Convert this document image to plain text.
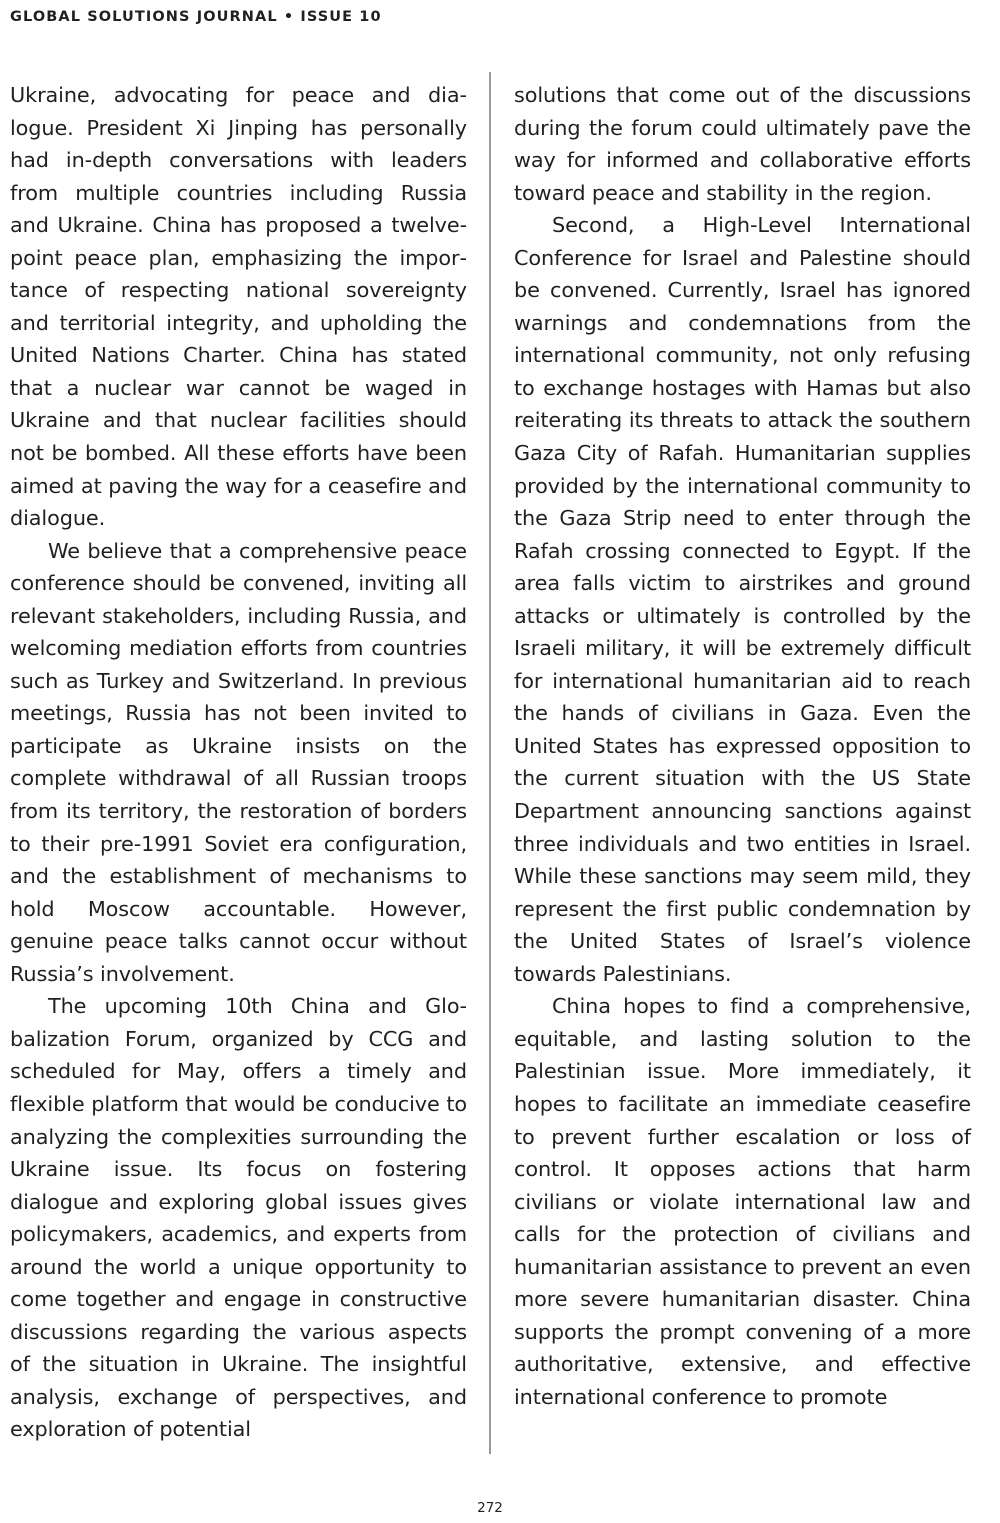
GLOBAL SOLUTIONS JOURNAL • ISSUE 10

Ukraine, advocating for peace and dialogue. President Xi Jinping has personally had in-depth conversations with leaders from multiple countries including Russia and Ukraine. China has proposed a twelve-point peace plan, emphasizing the importance of respecting national sovereignty and territorial integrity, and upholding the United Nations Charter. China has stated that a nuclear war cannot be waged in Ukraine and that nuclear facilities should not be bombed. All these efforts have been aimed at paving the way for a ceasefire and dialogue.

We believe that a comprehensive peace conference should be convened, inviting all relevant stakeholders, including Russia, and welcoming mediation efforts from countries such as Turkey and Switzerland. In previous meetings, Russia has not been invited to participate as Ukraine insists on the complete withdrawal of all Russian troops from its territory, the restoration of borders to their pre-1991 Soviet era configuration, and the establishment of mechanisms to hold Moscow accountable. However, genuine peace talks cannot occur without Russia’s involvement.

The upcoming 10th China and Globalization Forum, organized by CCG and scheduled for May, offers a timely and flexible platform that would be conducive to analyzing the complexities surrounding the Ukraine issue. Its focus on fostering dialogue and exploring global issues gives policymakers, academics, and experts from around the world a unique opportunity to come together and engage in constructive discussions regarding the various aspects of the situation in Ukraine. The insightful analysis, exchange of perspectives, and exploration of potential

solutions that come out of the discussions during the forum could ultimately pave the way for informed and collaborative efforts toward peace and stability in the region.

Second, a High-Level International Conference for Israel and Palestine should be convened. Currently, Israel has ignored warnings and condemnations from the international community, not only refusing to exchange hostages with Hamas but also reiterating its threats to attack the southern Gaza City of Rafah. Humanitarian supplies provided by the international community to the Gaza Strip need to enter through the Rafah crossing connected to Egypt. If the area falls victim to airstrikes and ground attacks or ultimately is controlled by the Israeli military, it will be extremely difficult for international humanitarian aid to reach the hands of civilians in Gaza. Even the United States has expressed opposition to the current situation with the US State Department announcing sanctions against three individuals and two entities in Israel. While these sanctions may seem mild, they represent the first public condemnation by the United States of Israel’s violence towards Palestinians.

China hopes to find a comprehensive, equitable, and lasting solution to the Palestinian issue. More immediately, it hopes to facilitate an immediate ceasefire to prevent further escalation or loss of control. It opposes actions that harm civilians or violate international law and calls for the protection of civilians and humanitarian assistance to prevent an even more severe humanitarian disaster. China supports the prompt convening of a more authoritative, extensive, and effective international conference to promote

272
